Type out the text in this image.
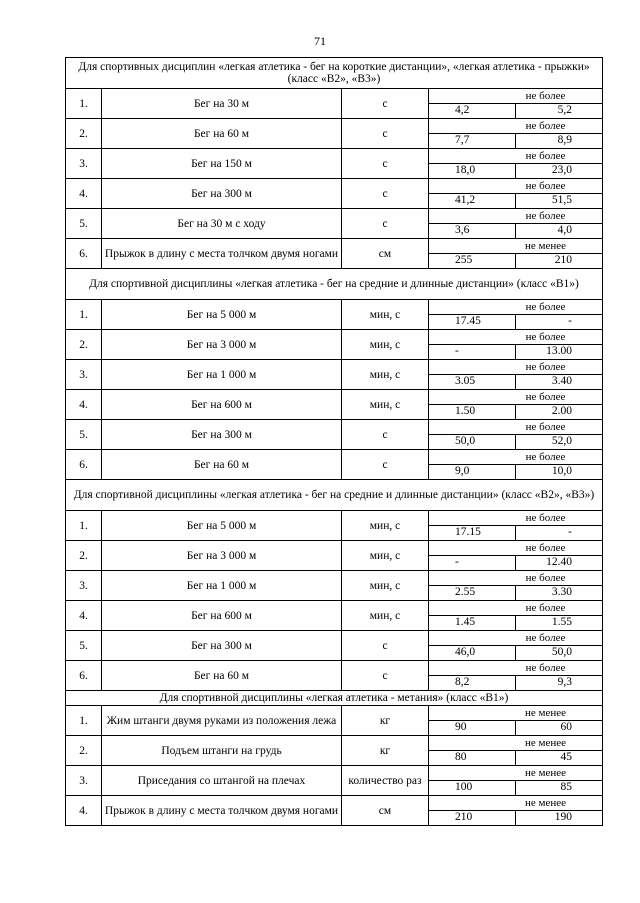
71
Для спортивных дисциплин «легкая атлетика - бег на короткие дистанции», «легкая атлетика - прыжки» (класс «В2», «В3»)			
1.	Бег на 30 м	с	не более
4,2 5,2

2.	Бег на 60 м	с	не более
7,7 8,9

3.	Бег на 150 м	с	не более
18,0 23,0

4.	Бег на 300 м	с	не более
41,2 51,5

5.	Бег на 30 м с ходу	с	не более
3,6 4,0

6.	Прыжок в длину с места толчком двумя ногами	см	не менее
255 210

Для спортивной дисциплины «легкая атлетика - бег на средние и длинные дистанции» (класс «В1»)			
1.	Бег на 5 000 м	мин, с	не более
17.45 -

2.	Бег на 3 000 м	мин, с	не более
- 13.00

3.	Бег на 1 000 м	мин, с	не более
3.05 3.40

4.	Бег на 600 м	мин, с	не более
1.50 2.00

5.	Бег на 300 м	с	не более
50,0 52,0

6.	Бег на 60 м	с	не более
9,0 10,0

Для спортивной дисциплины «легкая атлетика - бег на средние и длинные дистанции» (класс «В2», «В3»)			
1.	Бег на 5 000 м	мин, с	не более
17.15 -

2.	Бег на 3 000 м	мин, с	не более
- 12.40

3.	Бег на 1 000 м	мин, с	не более
2.55 3.30

4.	Бег на 600 м	мин, с	не более
1.45 1.55

5.	Бег на 300 м	с	не более
46,0 50,0

6.	Бег на 60 м	с	не более
8,2 9,3

Для спортивной дисциплины «легкая атлетика - метания» (класс «В1»)			
1.	Жим штанги двумя руками из положения лежа	кг	не менее
90 60

2.	Подъем штанги на грудь	кг	не менее
80 45

3.	Приседания со штангой на плечах	количество раз	не менее
100 85

4.	Прыжок в длину с места толчком двумя ногами	см	не менее
210 190
